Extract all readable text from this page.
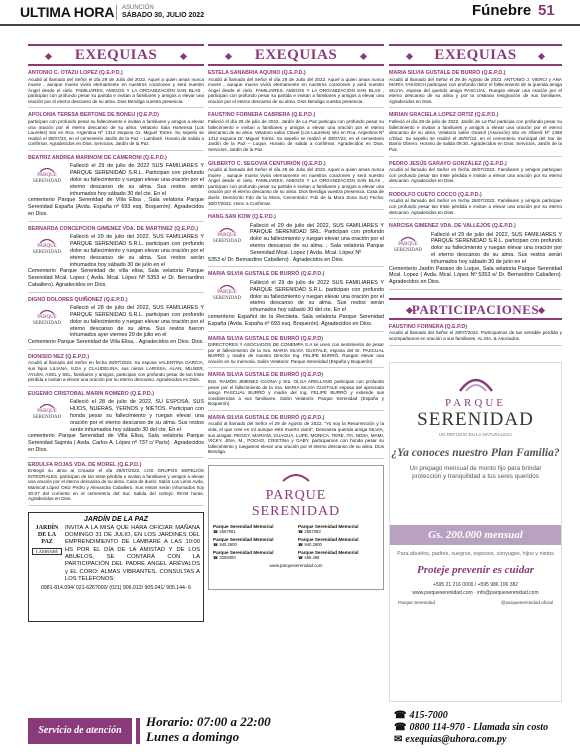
ULTIMA HORA ASUNCIÓN
SÁBADO 30, JULIO 2022	Fúnebre 51
EXEQUIAS
ANTONIO C. OTAZU LOPEZ (Q.E.P.D.)
Acudió al llamado del Señor el día 29 de Julio del 2022. Aquel a quien amas nunca muere , aunque muera vivirá eternamente en nuestros corazones y será nuestro Ángel desde el cielo. FAMILIARES, AMIGOS Y LA ORGANIZACIÓN SAN BLAS , participan con profundo pesar su partida e invitan a familiares y amigos a elevar una oración por el eterno descanso de su alma. Dios Bendiga vuestra presencia.
APOLONIA TERESA BERTONE DE BONEU (Q.E.P.D)
participan con profundo pesar su fallecimiento e invitan a familiares y amigos a elevar una oración por el eterno descanso de su alma. Velatorio Sala Hortensia (Los Laureles) sito en Rca. Argentina Nº 1312 esquina Gr. Miguel Torres. Su sepelio se realizó el 30/07/22, en el cementerio Jardín de la Paz – Lambaré. Horario de salida a confirmar. Agradecidos en Dios. Servicios, Jardín de la Paz.
BEATRIZ ANDREA MARINONI DE CAMERONI (Q.E.P.D.)
PARQUE
SERENIDAD
Falleció el 29 de julio de 2022 SUS FAMILIARES Y PARQUE SERENIDAD S.R.L. Participan con profundo dolor su fallecimiento y ruegan elevar una oración por el eterno descanso de su alma. Sus restos serán inhumados hoy sábado 30 del cte. En el
cementerio Parque Serenidad de Villa Elisa , Sala velatoria Parque Serenidad España (Avda. España nº 693 esq. Boquerón). Agradecidos en Dios.
BERNARDA CONCEPCION GIMENEZ VDA. DE MARTINEZ (Q.E.P.D.)
PARQUE
SERENIDAD
Falleció el 29 de julio del 2022. SUS FAMILIARES Y PARQUE SERENIDAD S.R.L. participan con profundo dolor su fallecimiento y ruegan elevar una oración por el eterno descanso de su alma. Sus restos serán inhumados hoy sábado 30 de julio en el
Cementerio Parque Serenidad de villa elisa, Sala velatoria Parque Serenidad Mcal. Lopez ( Avda. Mcal. López Nº 5353 e/ Dr. Bernardino Caballero). Agradecidos en Dios.
DIGNO DOLORES QUIÑONEZ (Q.E.P.D.)
PARQUE
SERENIDAD
Falleció el 28 de julio del 2022, SUS FAMILIARES Y PARQUE SERENIDAD S.R.L. participan con profundo dolor su fallecimiento y ruegan elevar una oración por el eterno descanso de su alma. Sus restos fueron inhumados ayer viernes 29 de julio en el
Cementerio Parque Serenidad de Villa Elisa, . Agradecidos en Dios. Dios.
DIONISIO NEZ (Q.E.P.D.)
Acudió al llamado del Señor en fecha 28/07/2022. Su esposa VALENTINA GARCIA, sus hijos LILIANA, ILDA y CLAUDELINA, sus nietos LARISSA, ALAN, MILNER, AYLEN, AXEL y SEL, familiares y amigos, participan con profundo pesar de tan triste pérdida e invitan a elevar una oración por su eterno descanso. Agradecidos en Dios.
EUGENIO CRISTOBAL MARIN ROMERO (Q.E.P.D.)
PARQUE
SERENIDAD
Falleció el 28 de julio de 2022, SU ESPOSA, SUS HIJOS, NUERAS, YERNOS y NIETOS. Participan con honda pesar su fallecimiento y ruegan elevar una oración por el eterno descanso de su alma. Sus restos serán inhumados hoy sábado 30 del cte. En el
cementerio Parque Serenidad de Villa Elisa, Sala velatoria Parque Serenidad Sajonia ( Avda. Carlos A. López nº 737 c/ París) . Agradecidos en Dios.
ERDULFA ROJAS VDA. DE MOREL (Q.E.P.D.)
Entregó su alma al Creador el día 29/07/2022. LOS GRUPOS SEPELIOS INTEGRALES, participan de tan triste pérdida e invitan a familiares y amigos a elevar una oración por el eterno descanso de su alma. Casa de duelo: Salón Los Lirios Avda. Mariscal López Ortiz Pedro y Alexandra Caballero. Sus restos serán inhumados hoy 30-07 del corriente en el cementerio del Sur. Salida del cortejo: 09:00 horas. Agradecidos en Dios.
JARDÍN DE LA PAZ
JARDÍN DE LA PAZ
LAMBARÉ
INVITA A LA MISA QUE HARA OFICIAR MAÑANA DOMINGO 31 DE JULIO, EN LOS JARDINES DEL EMPRENDIMIENTO DE LAMBARÉ A LAS 10:00 HS POR EL DÍA DE LA AMISTAD Y DE LOS ABUELOS, SE CONTARÁ CON LA PARTICIPACIÓN DEL PADRE ANGEL ARÉVALOS y EL CORO: ALMAS VIBRANTES. CONSULTAS A LOS TELÉFONOS:
0981-814.094/ 021-626?000/ (021) 906.012/ 905.041/ 905.144- 6
EXEQUIAS
ESTELA SANABRIA AQUINO (Q.E.P.D.)
Acudió al llamado del Señor el día 29 de Julio del 2022. Aquel a quien amas nunca muere , aunque muera vivirá eternamente en nuestros corazones y será nuestro Ángel desde el cielo. FAMILIARES, AMIGOS Y LA ORGANIZACIÓN SAN BLAS , participan con profundo pesar su partida e invitan a familiares y amigos a elevar una oración por el eterno descanso de su alma. Dios Bendiga vuestra presencia.
FAUSTINO FORNERA CABRERA (Q.E.P.D.)
Falleció el día 28 de julio de 2022. Jardín de La Paz participa con profundo pesar su fallecimiento e invitan a familiares y amigos a elevar una oración por el eterno descanso de su alma. Velatorio salón Clavel (Los Laureles) sito en Rca. Argentina Nº 1312 esquina Dr. Miguel Torres. Su sepelio se realizó el 30/07/22, en el cementerio Jardín de la Paz – Luque. Horario de salida a confirmar. Agradecidos en Dios. Servicios, Jardín de la Paz.
GILBERTO C. SEGOVIA CENTURIÓN (Q.E.P.D.)
Acudió al llamado del Señor el día 29 de Julio del 2022. Aquel a quien amas nunca muere , aunque muera vivirá eternamente en nuestros corazones y será nuestro Ángel desde el cielo. FAMILIARES, AMIGOS Y LA ORGANIZACIÓN SAN BLAS , participan con profundo pesar su partida e invitan a familiares y amigos a elevar una oración por el eterno descanso de su alma. Dios Bendiga vuestra presencia. Casa de duelo: Demócrito Fdo de la Mora, Cementerio: Fdo de la Mora Zona Sur) Fecha: 30/07/2022. Hora: a Confirmar.
HANG SAN KOW (Q.E.P.D.)
PARQUE
SERENIDAD
Falleció el 29 de julio del 2022, SUS FAMILIARES Y PARQUE SERENIDAD SRL. Participan con profundo dolor su fallecimiento y ruegan elevar una oración por el eterno descanso de su alma. , Sala velatoria Parque Serenidad Mcal. Lopez ( Avda. Mcal. López Nº
5353 e/ Dr. Bernardino Caballero) . Agradecidos en Dios.
MARIA SILVIA GUSTALE DE BURRÓ (Q.E.P.D.)
PARQUE
SERENIDAD
Falleció el 29 de julio de 2022 SUS FAMILIARES Y PARQUE SERENIDAD S.R.L. participan con profundo dolor su fallecimiento y ruegan elevar una oración por el eterno descanso de su alma. Sus restos serán inhumados hoy sábado 30 del cte. En el
cementerio Español de la Recoleta. Sala velatoria Parque Serenidad España (Avda. España nº 693 esq. Boquerón). Agradecidos en Dios.
MARIA SILVIA GUSTALE DE BURRÓ (Q.E.P.D)
DIRECTORES Y ASOCIADOS DE CONEMPA S.A se unen con sentimiento de pesar por el fallecimiento de la Sra. MARIA SILVIA GUSTALE, esposa del Sr. PASCUAL BURRÓ y madre de nuestro Director Ing. FELIPE BURRÓ. Ruegan elevar una oración en su memoria. Salón Velatorio: Parque Serenidad (España y Boquerón)
MARIA SILVIA GUSTALE DE BURRÓ (Q.E.P.D)
ING. RAMÓN JIMENEZ GAONA y Sra. OLGA ARELLANO participan con profundo pesar por el fallecimiento de la Sra. MARIA SILVIA GUSTALE esposa del apreciado amigo PASCUAL BURRÓ y madre del Ing. FELIPE BURRÓ y extiende sus condolencias a sus familiares. Salón Velatorio: Parque Serenidad (España y Boquerón)
MARIA SILVIA GUSTALE DE BURRÓ (Q.E.P.D.)
Acudió al llamado del Señor el 29 de Agosto de 2022. "Yo soy la Resurrección y la vida, el que cree en mí aunque esté muerto vivirá". Descansa querida amiga SILVIA, sus amigas: PEGGY, MARIAM, GUAGUA, LUPE, MONICA, TERE, ITA, NIDIA, MAMI, VICKY, JINA, M., POCHO, CRISTINA y GABY, participamos con honda pesar su fallecimiento y ruegamos elevar una oración por el eterno descanso de su alma. Dios Bendiga.
PARQUE
SERENIDAD
Parque Serenidad Memorial
☎ 2557061
Parque Serenidad Memorial
☎ 2557083
Parque Serenidad Memorial
☎ 940.2600
Parque Serenidad Memorial
☎ 940.2600
Parque Serenidad Memorial
☎ 3255000
Parque Serenidad Memorial
☎ 486.468
www.parqueserenidad.com
EXEQUIAS
MARIA SILVIA GUSTALE DE BURRÓ (Q.E.P.D.)
Acudió al llamado del Señor el 29 de Agosto de 2022. ANTONIO J. VIERCI y ANA MARÍA YAKISICH participan con profundo dolor el fallecimiento de la querida amiga SILVIA, esposa del querido amigo PASCUAL. Ruegan elevar una oración por el eterno descanso de su alma y por la cristiana resignación de sus familiares. Agradecidos en Dios.
MIRIAN GRACIELA LOPEZ ORTIZ (Q.E.P.D.)
Falleció el día 28 de julio de 2022. Jardín de La Paz participa con profundo pesar su fallecimiento e invitan a familiares y amigos a elevar una oración por el eterno descanso de su alma. Velatorio salón Girasol (Asunción) sito en Alberdi Nº 1366 c/Díaz. Su sepelio se realizó el 30/07/22, en el cementerio municipal del Sur de Barrio Obrero. Horario de salida 09:30. Agradecidos en Dios. Servicios, Jardín de la Paz.
PEDRO JESÚS GARAYO GONZÁLEZ (Q.E.P.D.)
Acudió al llamado del Señor en fecha 28/07/2022. Familiares y amigos participan con profundo pesar tan triste pérdida e invitan a elevar una oración por su eterno descanso. Agradecidos en Dios.
RODOLFO CUETO COCCO (Q.E.P.D.)
Acudió al llamado del Señor en fecha 28/07/2022. Familiares y amigos participan con profundo pesar tan triste pérdida e invitan a elevar una oración por su eterno descanso. Agradecidos en Dios.
NARCISA GIMENEZ VDA. DE VALLEJOS (Q.E.P.D.)
PARQUE
SERENIDAD
Falleció el 29 de julio del 2022, SUS FAMILIARES Y PARQUE SERENIDAD S.R.L. participan con profundo dolor su fallecimiento y ruegan elevar una oración por el eterno descanso de su alma. Sus restos serán inhumados hoy sábado 30 de julio en el
Cementerio Jardín Paraiso de Luque, Sala velatoria Parque Serenidad Mcal. Lopez ( Avda. Mcal. López Nº 5353 e/ Dr. Bernardino Caballero). Agradecidos en Dios.
PARTICIPACIONES
FAUSTINO FORNERA (Q.E.P.D)
Acudió al llamado del Señor el 28/07/2022. Participamos de tan sensible pérdida y acompañamos en oración a sus familiares. AL.MA. & Asociados.
PARQUE
SERENIDAD
UN REFUGIO EN LA NATURALEZA
¿Ya conoces nuestro Plan Familia?
Un prepago mensual de monto fijo para brindar protección y tranquilidad a tus seres queridos
Gs. 200.000 mensual
Para abuelos, padres, suegros, esposos, cónyuges, hijos y nietos
Proteje prevenir es cuidar
+595 21 216 0000 / +595 986 106 382
www.parqueserenidad.com · info@parqueserenidad.com
Parque Serenidad	@parqueserenidad.oficial
Servicio de atención
Horario: 07:00 a 22:00
Lunes a domingo
☎ 415-7000
☎ 0800 114-970 - Llamada sin costo
✉ exequias@uhora.com.py
